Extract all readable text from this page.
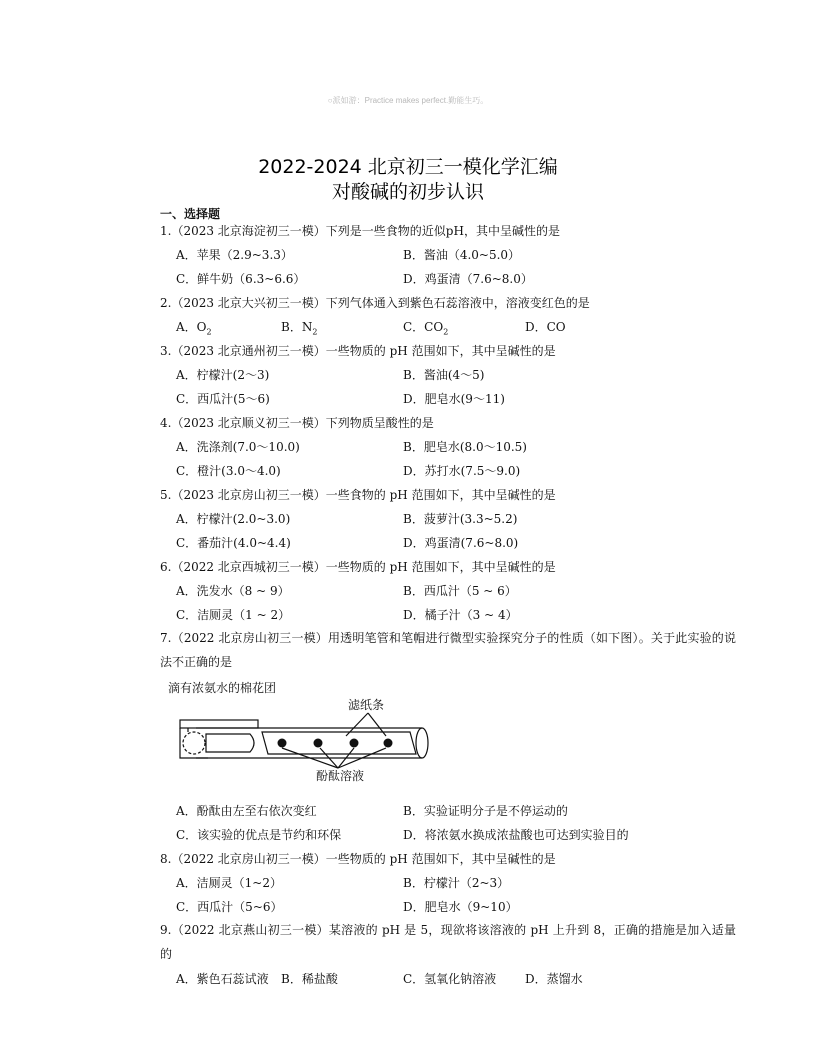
○派如游：Practice makes perfect.勤能生巧。
2022-2024 北京初三一模化学汇编
对酸碱的初步认识
一、选择题
1.（2023 北京海淀初三一模）下列是一些食物的近似pH，其中呈碱性的是
A．苹果（2.9~3.3）	B．酱油（4.0~5.0）
C．鲜牛奶（6.3~6.6）	D．鸡蛋清（7.6~8.0）
2.（2023 北京大兴初三一模）下列气体通入到紫色石蕊溶液中，溶液变红色的是
A．$O_2$	B．$N_2$	C．$CO_2$	D．CO
3.（2023 北京通州初三一模）一些物质的 pH 范围如下，其中呈碱性的是
A．柠檬汁(2～3)	B．酱油(4～5)
C．西瓜汁(5～6)	D．肥皂水(9～11)
4.（2023 北京顺义初三一模）下列物质呈酸性的是
A．洗涤剂(7.0～10.0)	B．肥皂水(8.0～10.5)
C．橙汁(3.0～4.0)	D．苏打水(7.5～9.0)
5.（2023 北京房山初三一模）一些食物的 pH 范围如下，其中呈碱性的是
A．柠檬汁(2.0~3.0)	B．菠萝汁(3.3~5.2)
C．番茄汁(4.0~4.4)	D．鸡蛋清(7.6~8.0)
6.（2022 北京西城初三一模）一些物质的 pH 范围如下，其中呈碱性的是
A．洗发水（8 ~ 9）	B．西瓜汁（5 ~ 6）
C．洁厕灵（1 ~ 2）	D．橘子汁（3 ~ 4）
7.（2022 北京房山初三一模）用透明笔管和笔帽进行微型实验探究分子的性质（如下图）。关于此实验的说法不正确的是
滴有浓氨水的棉花团
滤纸条
酚酞溶液
A．酚酞由左至右依次变红	B．实验证明分子是不停运动的
C．该实验的优点是节约和环保	D．将浓氨水换成浓盐酸也可达到实验目的
8.（2022 北京房山初三一模）一些物质的 pH 范围如下，其中呈碱性的是
A．洁厕灵（1~2）	B．柠檬汁（2~3）
C．西瓜汁（5~6）	D．肥皂水（9~10）
9.（2022 北京燕山初三一模）某溶液的 pH 是 5，现欲将该溶液的 pH 上升到 8，正确的措施是加入适量的
A．紫色石蕊试液 B．稀盐酸	C．氢氧化钠溶液 D．蒸馏水
